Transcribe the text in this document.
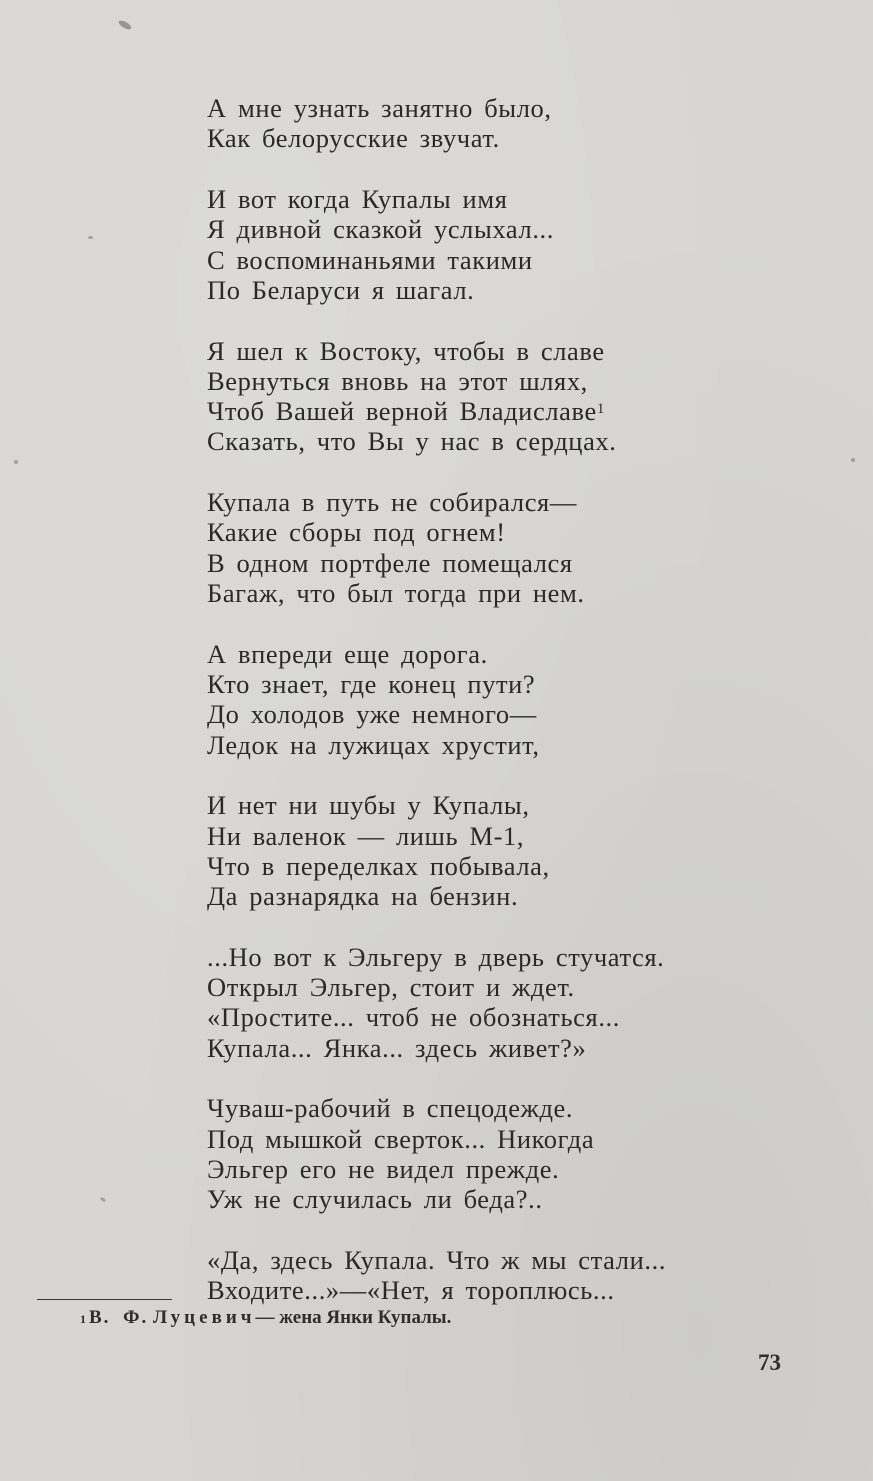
А мне узнать занятно было,
Как белорусские звучат.
И вот когда Купалы имя
Я дивной сказкой услыхал...
С воспоминаньями такими
По Беларуси я шагал.
Я шел к Востоку, чтобы в славе
Вернуться вновь на этот шлях,
Чтоб Вашей верной Владиславе$^1$
Сказать, что Вы у нас в сердцах.
Купала в путь не собирался—
Какие сборы под огнем!
В одном портфеле помещался
Багаж, что был тогда при нем.
А впереди еще дорога.
Кто знает, где конец пути?
До холодов уже немного—
Ледок на лужицах хрустит,
И нет ни шубы у Купалы,
Ни валенок — лишь М-1,
Что в переделках побывала,
Да разнарядка на бензин.
...Но вот к Эльгеру в дверь стучатся.
Открыл Эльгер, стоит и ждет.
«Простите... чтоб не обознаться...
Купала... Янка... здесь живет?»
Чуваш-рабочий в спецодежде.
Под мышкой сверток... Никогда
Эльгер его не видел прежде.
Уж не случилась ли беда?..
«Да, здесь Купала. Что ж мы стали...
Входите...»—«Нет, я тороплюсь...
$^1$ В. Ф. Луцевич— жена Янки Купалы.
73
